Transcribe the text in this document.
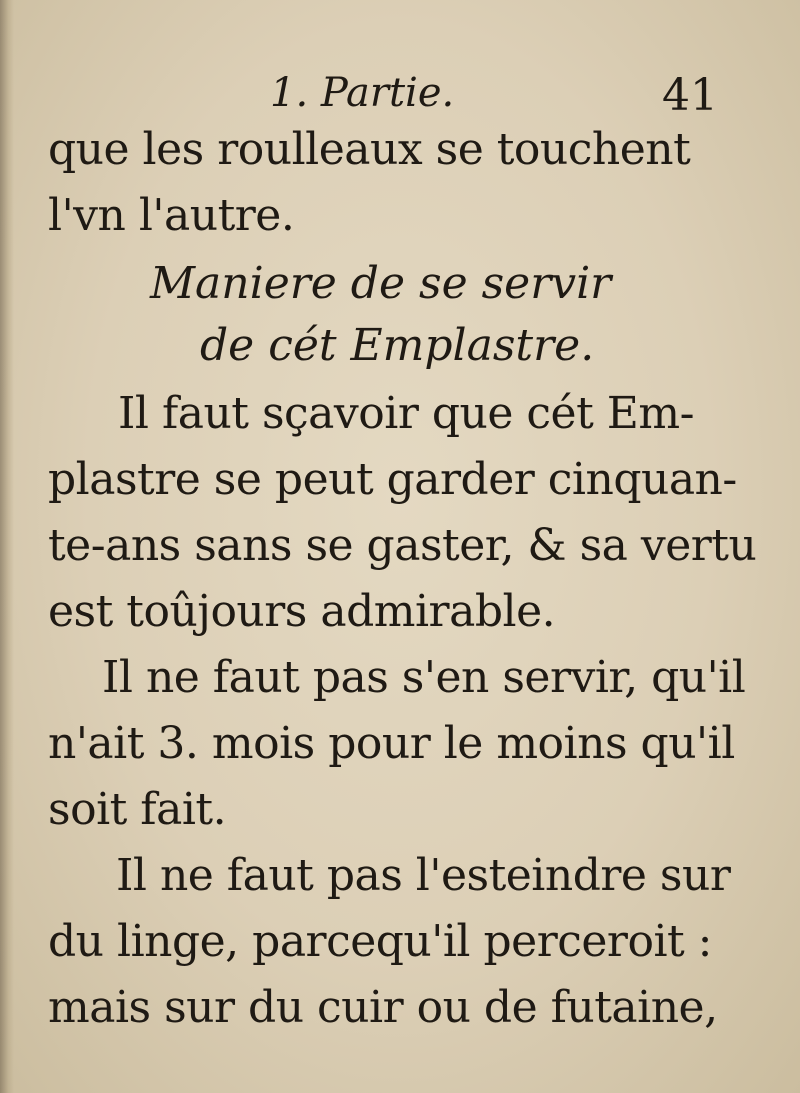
1. Partie.	41
que les roulleaux se touchent
l'vn l'autre.
Maniere de se servir
de cét Emplastre.
Il faut sçavoir que cét Em-
plastre se peut garder cinquan-
te-ans sans se gaster, & sa vertu
est toûjours admirable.
Il ne faut pas s'en servir, qu'il
n'ait 3. mois pour le moins qu'il
soit fait.
Il ne faut pas l'esteindre sur
du linge, parcequ'il perceroit :
mais sur du cuir ou de futaine,
